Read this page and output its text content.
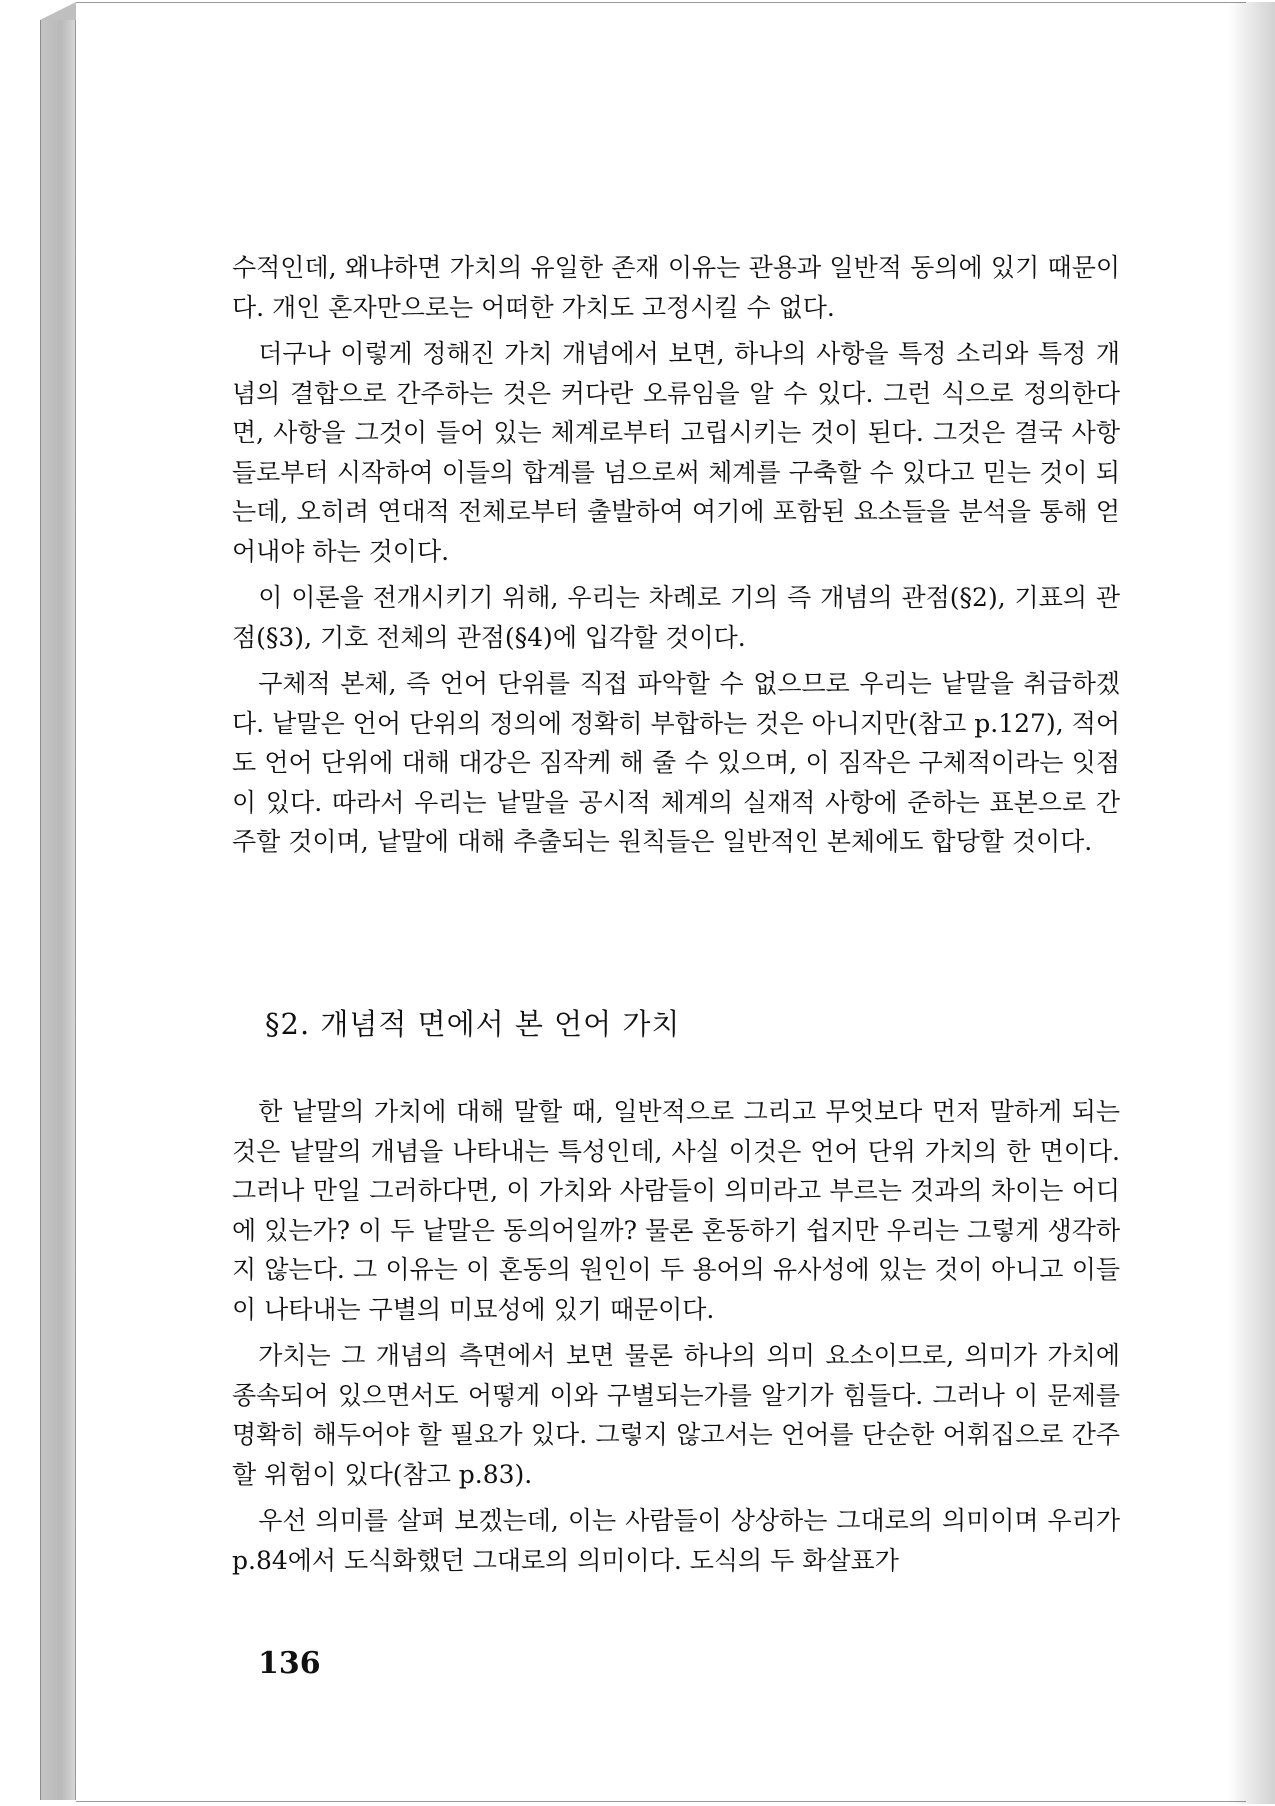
수적인데, 왜냐하면 가치의 유일한 존재 이유는 관용과 일반적 동의에 있기 때문이다. 개인 혼자만으로는 어떠한 가치도 고정시킬 수 없다.

더구나 이렇게 정해진 가치 개념에서 보면, 하나의 사항을 특정 소리와 특정 개념의 결합으로 간주하는 것은 커다란 오류임을 알 수 있다. 그런 식으로 정의한다면, 사항을 그것이 들어 있는 체계로부터 고립시키는 것이 된다. 그것은 결국 사항들로부터 시작하여 이들의 합계를 넘으로써 체계를 구축할 수 있다고 믿는 것이 되는데, 오히려 연대적 전체로부터 출발하여 여기에 포함된 요소들을 분석을 통해 얻어내야 하는 것이다.

이 이론을 전개시키기 위해, 우리는 차례로 기의 즉 개념의 관점(§2), 기표의 관점(§3), 기호 전체의 관점(§4)에 입각할 것이다.

구체적 본체, 즉 언어 단위를 직접 파악할 수 없으므로 우리는 낱말을 취급하겠다. 낱말은 언어 단위의 정의에 정확히 부합하는 것은 아니지만(참고 p.127), 적어도 언어 단위에 대해 대강은 짐작케 해 줄 수 있으며, 이 짐작은 구체적이라는 잇점이 있다. 따라서 우리는 낱말을 공시적 체계의 실재적 사항에 준하는 표본으로 간주할 것이며, 낱말에 대해 추출되는 원칙들은 일반적인 본체에도 합당할 것이다.

§2. 개념적 면에서 본 언어 가치

한 낱말의 가치에 대해 말할 때, 일반적으로 그리고 무엇보다 먼저 말하게 되는 것은 낱말의 개념을 나타내는 특성인데, 사실 이것은 언어 단위 가치의 한 면이다. 그러나 만일 그러하다면, 이 가치와 사람들이 의미라고 부르는 것과의 차이는 어디에 있는가? 이 두 낱말은 동의어일까? 물론 혼동하기 쉽지만 우리는 그렇게 생각하지 않는다. 그 이유는 이 혼동의 원인이 두 용어의 유사성에 있는 것이 아니고 이들이 나타내는 구별의 미묘성에 있기 때문이다.

가치는 그 개념의 측면에서 보면 물론 하나의 의미 요소이므로, 의미가 가치에 종속되어 있으면서도 어떻게 이와 구별되는가를 알기가 힘들다. 그러나 이 문제를 명확히 해두어야 할 필요가 있다. 그렇지 않고서는 언어를 단순한 어휘집으로 간주할 위험이 있다(참고 p.83).

우선 의미를 살펴 보겠는데, 이는 사람들이 상상하는 그대로의 의미이며 우리가 p.84에서 도식화했던 그대로의 의미이다. 도식의 두 화살표가

136
